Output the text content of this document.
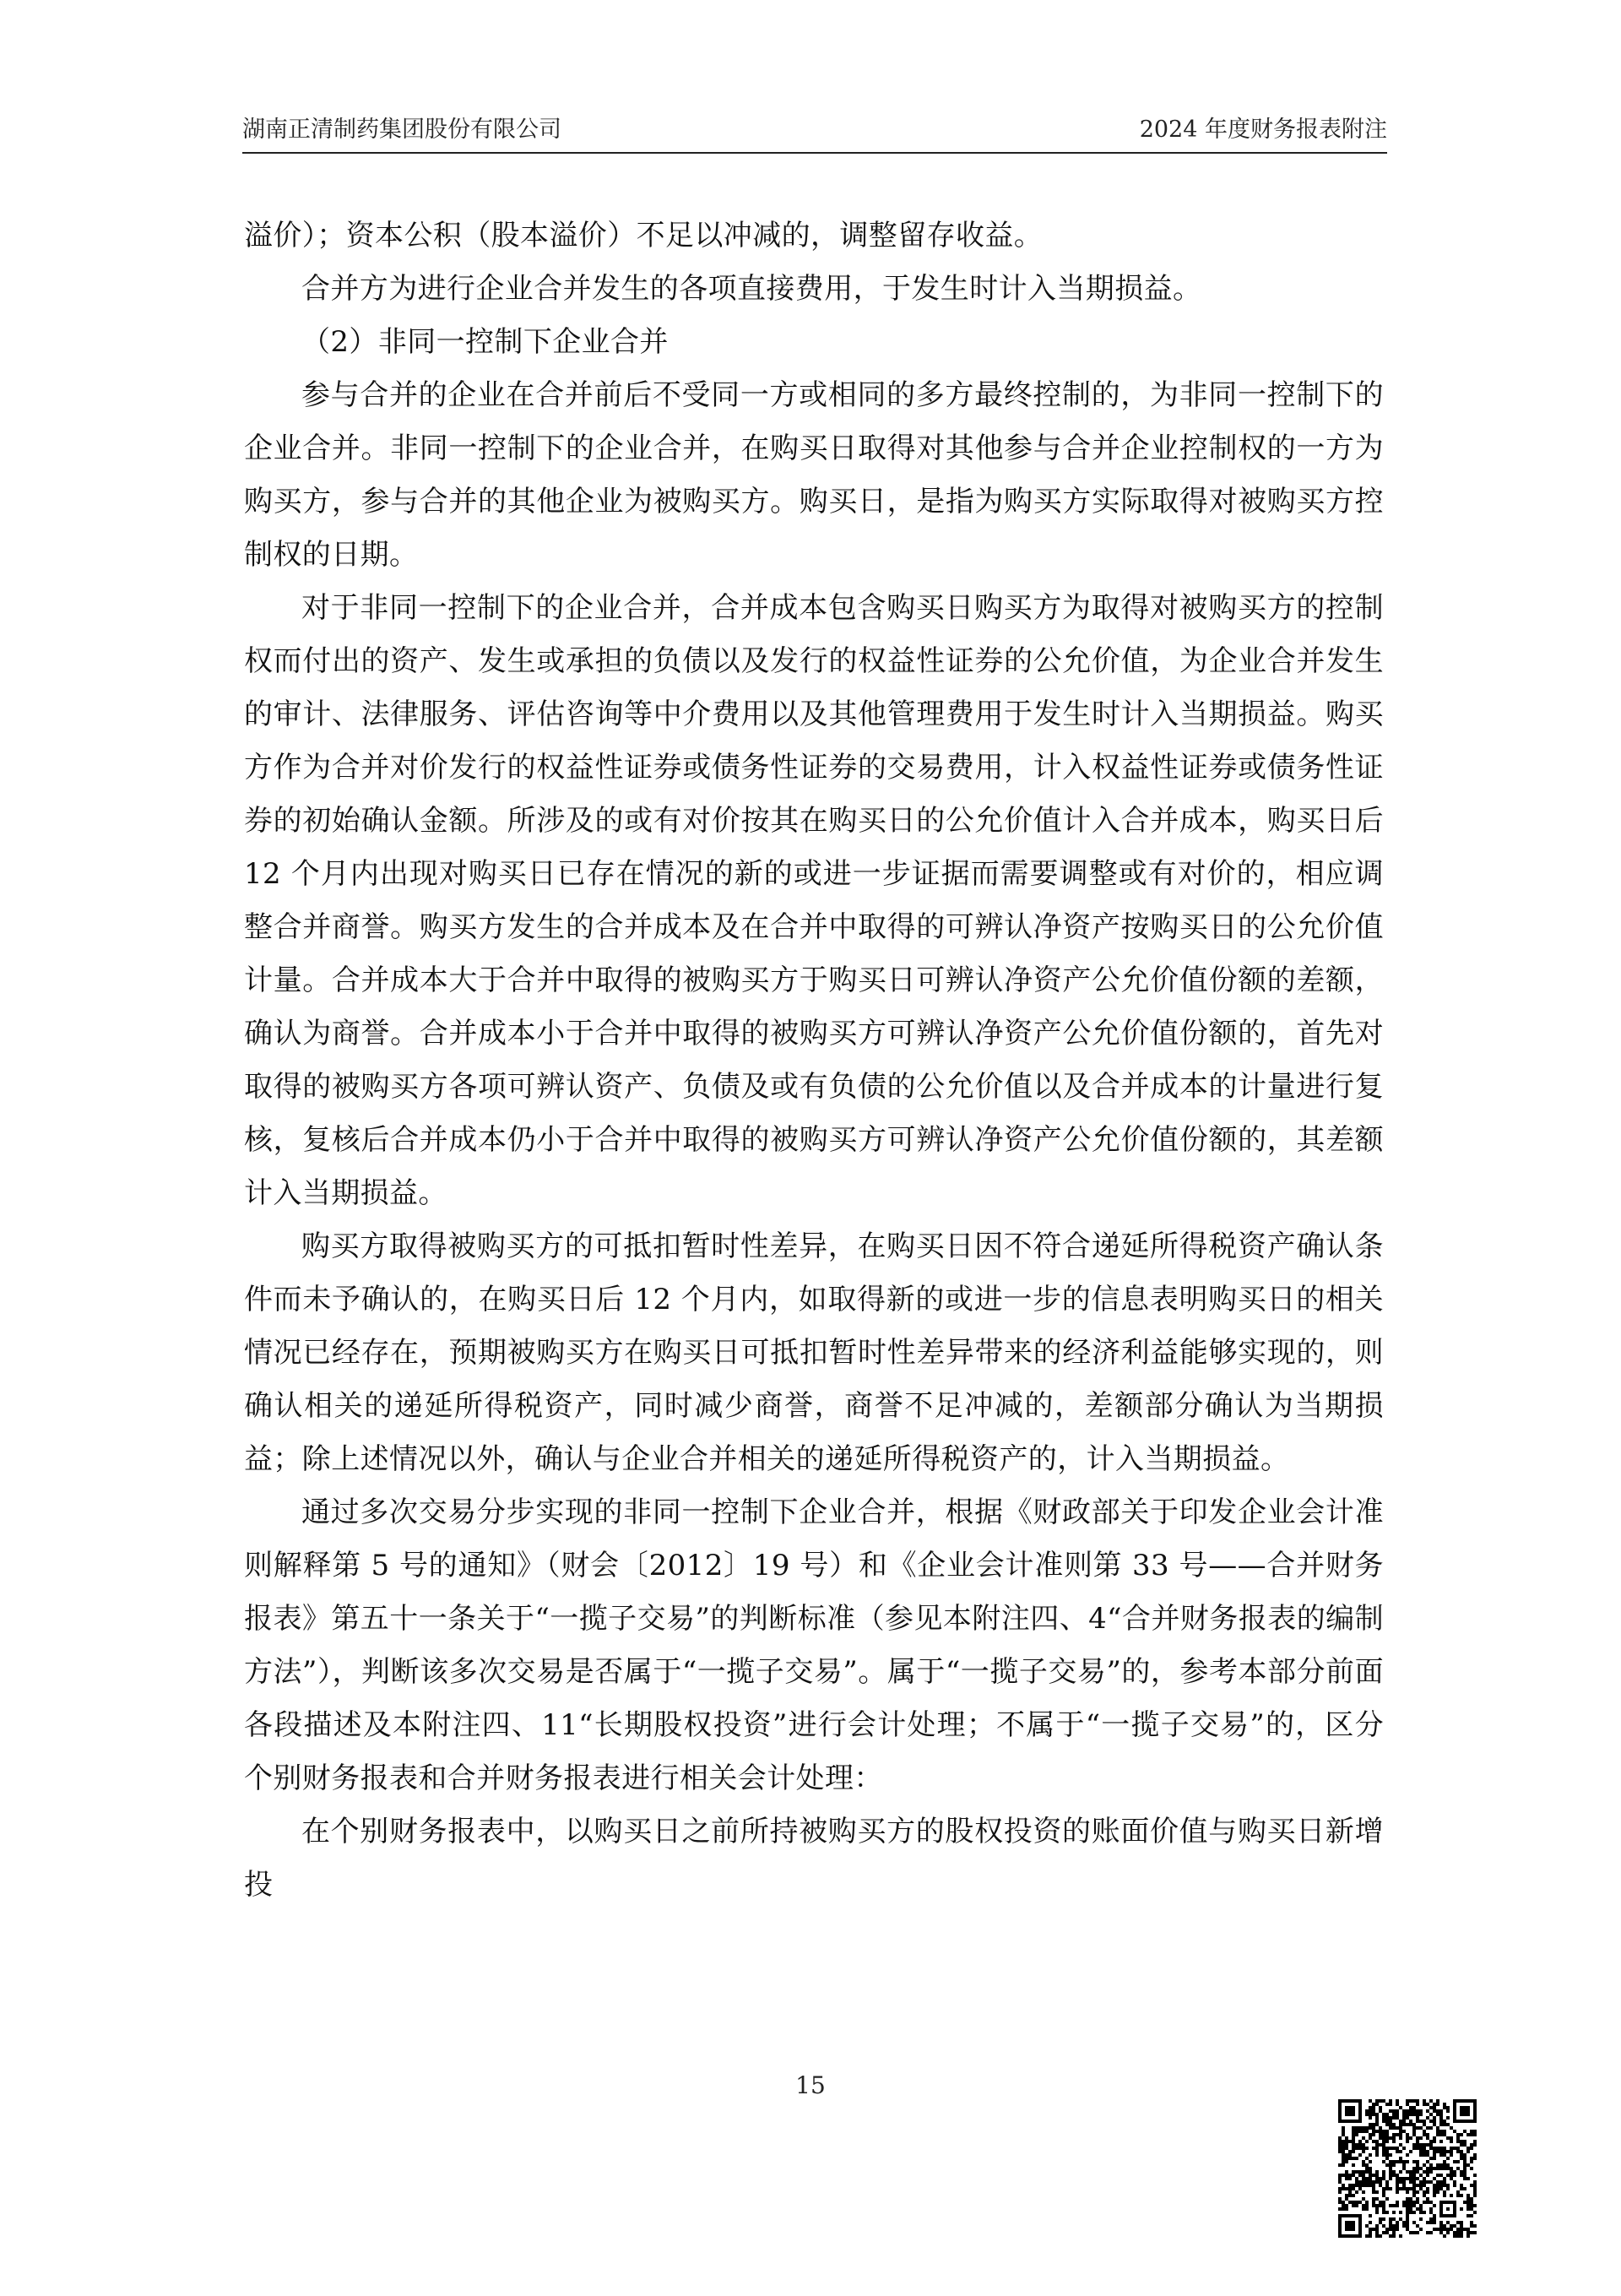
湖南正清制药集团股份有限公司	2024 年度财务报表附注

溢价）；资本公积（股本溢价）不足以冲减的，调整留存收益。

合并方为进行企业合并发生的各项直接费用，于发生时计入当期损益。

（2）非同一控制下企业合并

参与合并的企业在合并前后不受同一方或相同的多方最终控制的，为非同一控制下的企业合并。非同一控制下的企业合并，在购买日取得对其他参与合并企业控制权的一方为购买方，参与合并的其他企业为被购买方。购买日，是指为购买方实际取得对被购买方控制权的日期。

对于非同一控制下的企业合并，合并成本包含购买日购买方为取得对被购买方的控制权而付出的资产、发生或承担的负债以及发行的权益性证券的公允价值，为企业合并发生的审计、法律服务、评估咨询等中介费用以及其他管理费用于发生时计入当期损益。购买方作为合并对价发行的权益性证券或债务性证券的交易费用，计入权益性证券或债务性证券的初始确认金额。所涉及的或有对价按其在购买日的公允价值计入合并成本，购买日后 12 个月内出现对购买日已存在情况的新的或进一步证据而需要调整或有对价的，相应调整合并商誉。购买方发生的合并成本及在合并中取得的可辨认净资产按购买日的公允价值计量。合并成本大于合并中取得的被购买方于购买日可辨认净资产公允价值份额的差额，确认为商誉。合并成本小于合并中取得的被购买方可辨认净资产公允价值份额的，首先对取得的被购买方各项可辨认资产、负债及或有负债的公允价值以及合并成本的计量进行复核，复核后合并成本仍小于合并中取得的被购买方可辨认净资产公允价值份额的，其差额计入当期损益。

购买方取得被购买方的可抵扣暂时性差异，在购买日因不符合递延所得税资产确认条件而未予确认的，在购买日后 12 个月内，如取得新的或进一步的信息表明购买日的相关情况已经存在，预期被购买方在购买日可抵扣暂时性差异带来的经济利益能够实现的，则确认相关的递延所得税资产，同时减少商誉，商誉不足冲减的，差额部分确认为当期损益；除上述情况以外，确认与企业合并相关的递延所得税资产的，计入当期损益。

通过多次交易分步实现的非同一控制下企业合并，根据《财政部关于印发企业会计准则解释第 5 号的通知》（财会〔2012〕19 号）和《企业会计准则第 33 号——合并财务报表》第五十一条关于“一揽子交易”的判断标准（参见本附注四、4“合并财务报表的编制方法”），判断该多次交易是否属于“一揽子交易”。属于“一揽子交易”的，参考本部分前面各段描述及本附注四、11“长期股权投资”进行会计处理；不属于“一揽子交易”的，区分个别财务报表和合并财务报表进行相关会计处理：

在个别财务报表中，以购买日之前所持被购买方的股权投资的账面价值与购买日新增投

15
